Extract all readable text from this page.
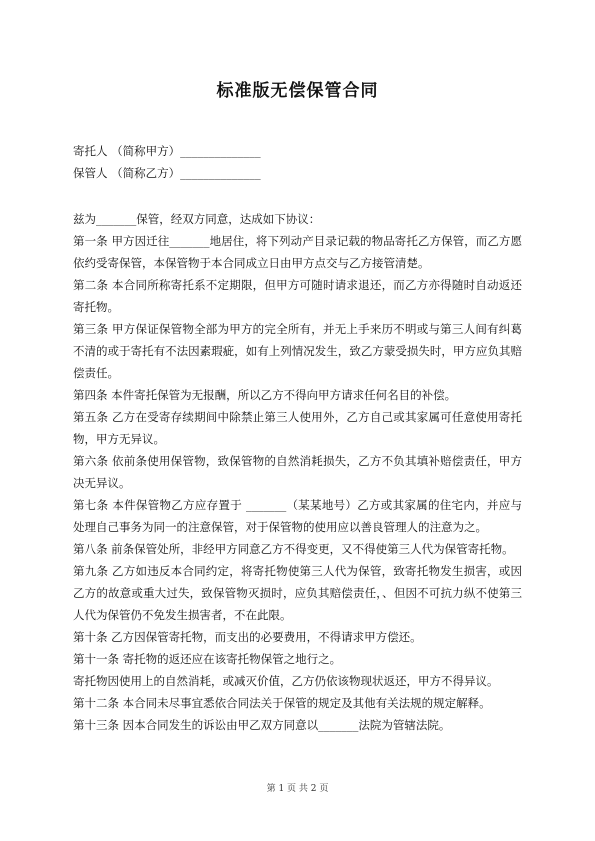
标准版无偿保管合同
寄托人 （简称甲方）______________
保管人 （简称乙方）______________

兹为_______保管，经双方同意，达成如下协议：

第一条 甲方因迁往_______地居住，将下列动产目录记载的物品寄托乙方保管，而乙方愿依约受寄保管，本保管物于本合同成立日由甲方点交与乙方接管清楚。

第二条 本合同所称寄托系不定期限，但甲方可随时请求退还，而乙方亦得随时自动返还寄托物。

第三条 甲方保证保管物全部为甲方的完全所有，并无上手来历不明或与第三人间有纠葛不清的或于寄托有不法因素瑕疵，如有上列情况发生，致乙方蒙受损失时，甲方应负其赔偿责任。

第四条 本件寄托保管为无报酬，所以乙方不得向甲方请求任何名目的补偿。

第五条 乙方在受寄存续期间中除禁止第三人使用外，乙方自己或其家属可任意使用寄托物，甲方无异议。

第六条 依前条使用保管物，致保管物的自然消耗损失，乙方不负其填补赔偿责任，甲方决无异议。

第七条 本件保管物乙方应存置于 _______（某某地号）乙方或其家属的住宅内，并应与处理自己事务为同一的注意保管，对于保管物的使用应以善良管理人的注意为之。

第八条 前条保管处所，非经甲方同意乙方不得变更，又不得使第三人代为保管寄托物。

第九条 乙方如违反本合同约定，将寄托物使第三人代为保管，致寄托物发生损害，或因乙方的故意或重大过失，致保管物灭损时，应负其赔偿责任，、但因不可抗力纵不使第三人代为保管仍不免发生损害者，不在此限。

第十条 乙方因保管寄托物，而支出的必要费用，不得请求甲方偿还。

第十一条 寄托物的返还应在该寄托物保管之地行之。

寄托物因使用上的自然消耗，或减灭价值，乙方仍依该物现状返还，甲方不得异议。

第十二条 本合同未尽事宜悉依合同法关于保管的规定及其他有关法规的规定解释。

第十三条 因本合同发生的诉讼由甲乙双方同意以_______法院为管辖法院。

第 1 页 共 2 页
